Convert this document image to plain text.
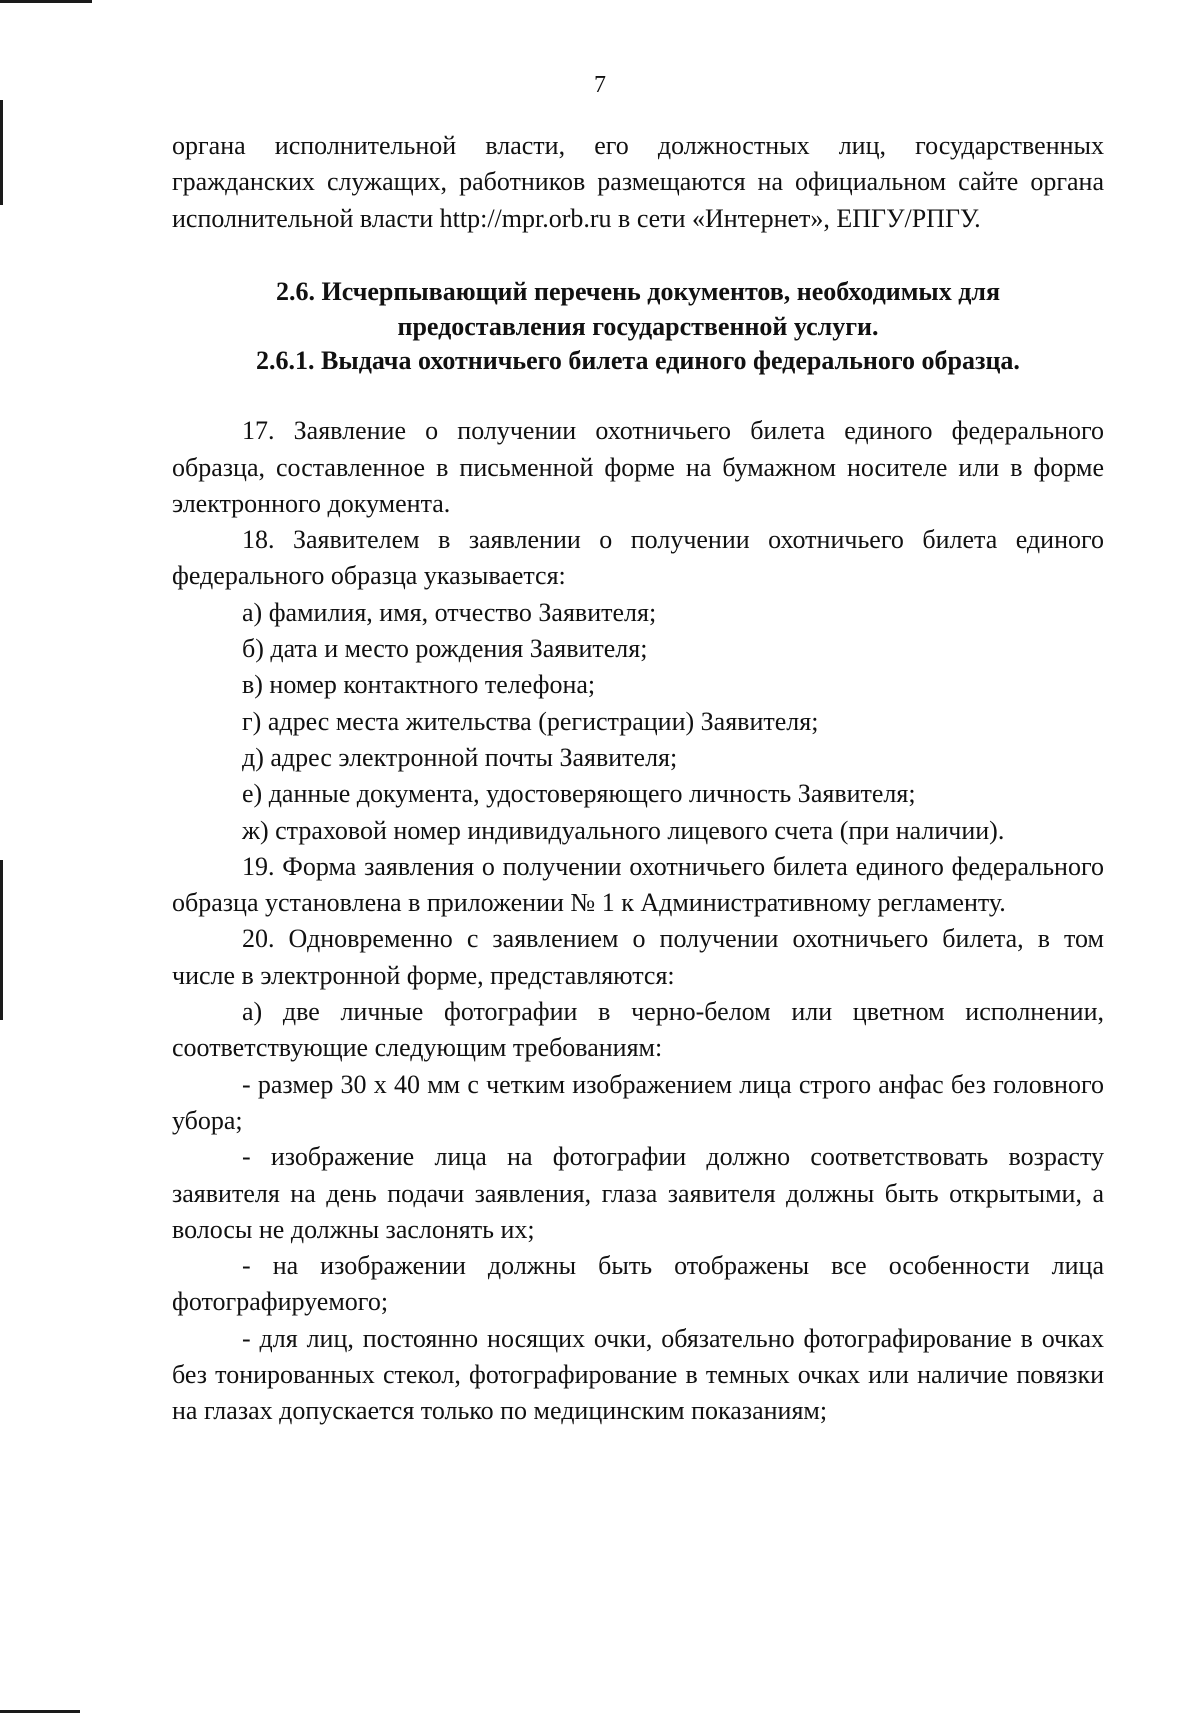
7

органа исполнительной власти, его должностных лиц, государственных гражданских служащих, работников размещаются на официальном сайте органа исполнительной власти http://mpr.orb.ru в сети «Интернет», ЕПГУ/РПГУ.

2.6. Исчерпывающий перечень документов, необходимых для

предоставления государственной услуги.

2.6.1. Выдача охотничьего билета единого федерального образца.

17. Заявление о получении охотничьего билета единого федерального образца, составленное в письменной форме на бумажном носителе или в форме электронного документа.

18. Заявителем в заявлении о получении охотничьего билета единого федерального образца указывается:

а) фамилия, имя, отчество Заявителя;

б) дата и место рождения Заявителя;

в) номер контактного телефона;

г) адрес места жительства (регистрации) Заявителя;

д) адрес электронной почты Заявителя;

е) данные документа, удостоверяющего личность Заявителя;

ж) страховой номер индивидуального лицевого счета (при наличии).

19. Форма заявления о получении охотничьего билета единого федерального образца установлена в приложении № 1 к Административному регламенту.

20. Одновременно с заявлением о получении охотничьего билета, в том числе в электронной форме, представляются:

а) две личные фотографии в черно-белом или цветном исполнении, соответствующие следующим требованиям:

- размер 30 х 40 мм с четким изображением лица строго анфас без головного убора;

- изображение лица на фотографии должно соответствовать возрасту заявителя на день подачи заявления, глаза заявителя должны быть открытыми, а волосы не должны заслонять их;

- на изображении должны быть отображены все особенности лица фотографируемого;

- для лиц, постоянно носящих очки, обязательно фотографирование в очках без тонированных стекол, фотографирование в темных очках или наличие повязки на глазах допускается только по медицинским показаниям;
